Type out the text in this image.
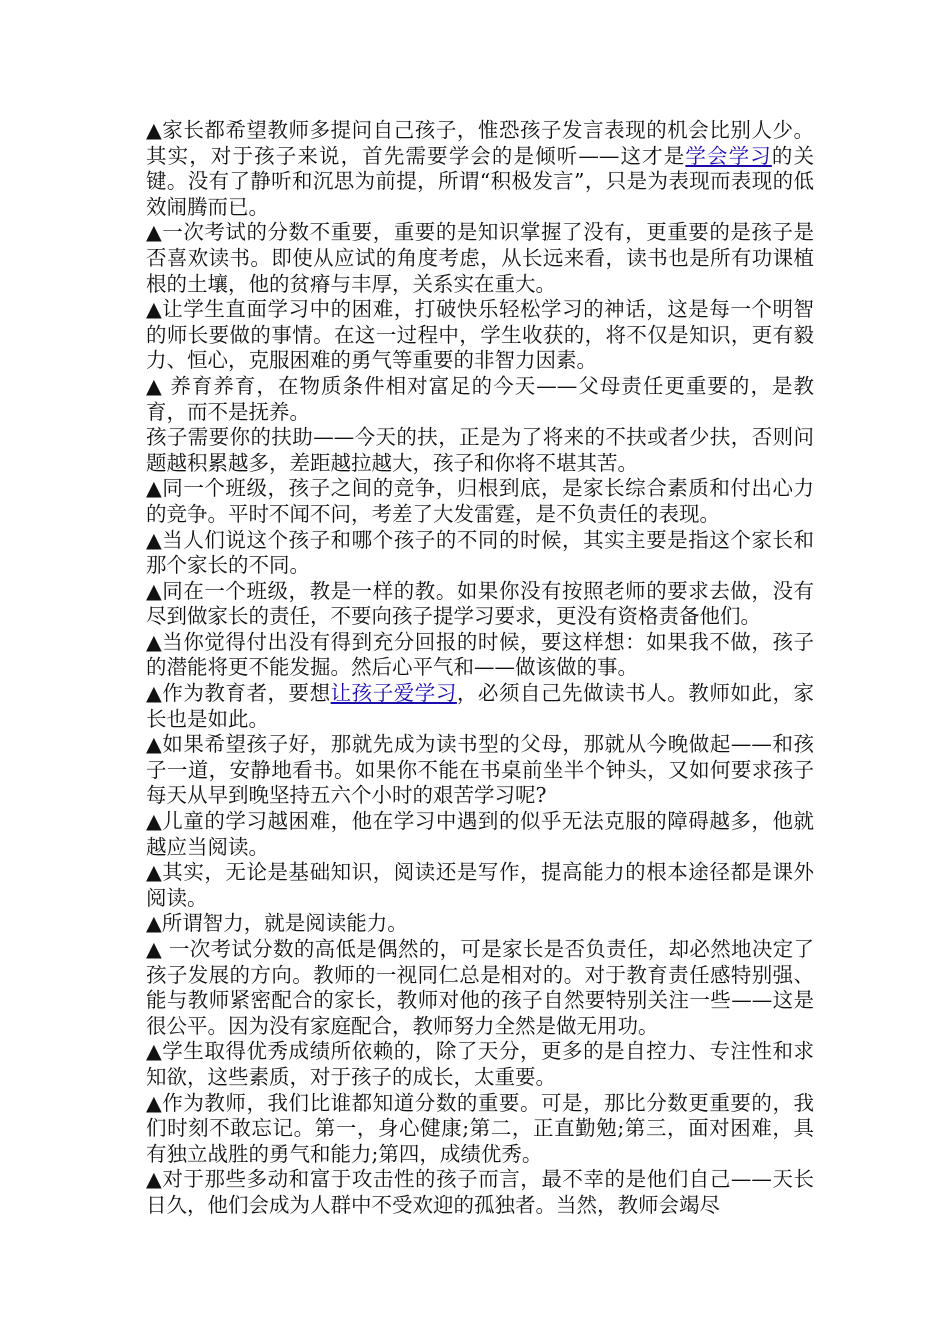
▲家长都希望教师多提问自己孩子，惟恐孩子发言表现的机会比别人少。其实，对于孩子来说，首先需要学会的是倾听——这才是学会学习的关键。没有了静听和沉思为前提，所谓“积极发言”，只是为表现而表现的低效闹腾而已。

▲一次考试的分数不重要，重要的是知识掌握了没有，更重要的是孩子是否喜欢读书。即使从应试的角度考虑，从长远来看，读书也是所有功课植根的土壤，他的贫瘠与丰厚，关系实在重大。

▲让学生直面学习中的困难，打破快乐轻松学习的神话，这是每一个明智的师长要做的事情。在这一过程中，学生收获的，将不仅是知识，更有毅力、恒心，克服困难的勇气等重要的非智力因素。

▲ 养育养育，在物质条件相对富足的今天——父母责任更重要的，是教育，而不是抚养。

孩子需要你的扶助——今天的扶，正是为了将来的不扶或者少扶，否则问题越积累越多，差距越拉越大，孩子和你将不堪其苦。

▲同一个班级，孩子之间的竞争，归根到底，是家长综合素质和付出心力的竞争。平时不闻不问，考差了大发雷霆，是不负责任的表现。

▲当人们说这个孩子和哪个孩子的不同的时候，其实主要是指这个家长和那个家长的不同。

▲同在一个班级，教是一样的教。如果你没有按照老师的要求去做，没有尽到做家长的责任，不要向孩子提学习要求，更没有资格责备他们。

▲当你觉得付出没有得到充分回报的时候，要这样想：如果我不做，孩子的潜能将更不能发掘。然后心平气和——做该做的事。

▲作为教育者，要想让孩子爱学习，必须自己先做读书人。教师如此，家长也是如此。

▲如果希望孩子好，那就先成为读书型的父母，那就从今晚做起——和孩子一道，安静地看书。如果你不能在书桌前坐半个钟头，又如何要求孩子每天从早到晚坚持五六个小时的艰苦学习呢?

▲儿童的学习越困难，他在学习中遇到的似乎无法克服的障碍越多，他就越应当阅读。

▲其实，无论是基础知识，阅读还是写作，提高能力的根本途径都是课外阅读。

▲所谓智力，就是阅读能力。

▲ 一次考试分数的高低是偶然的，可是家长是否负责任，却必然地决定了孩子发展的方向。教师的一视同仁总是相对的。对于教育责任感特别强、能与教师紧密配合的家长，教师对他的孩子自然要特别关注一些——这是很公平。因为没有家庭配合，教师努力全然是做无用功。

▲学生取得优秀成绩所依赖的，除了天分，更多的是自控力、专注性和求知欲，这些素质，对于孩子的成长，太重要。

▲作为教师，我们比谁都知道分数的重要。可是，那比分数更重要的，我们时刻不敢忘记。第一，身心健康;第二，正直勤勉;第三，面对困难，具有独立战胜的勇气和能力;第四，成绩优秀。

▲对于那些多动和富于攻击性的孩子而言，最不幸的是他们自己——天长日久，他们会成为人群中不受欢迎的孤独者。当然，教师会竭尽
